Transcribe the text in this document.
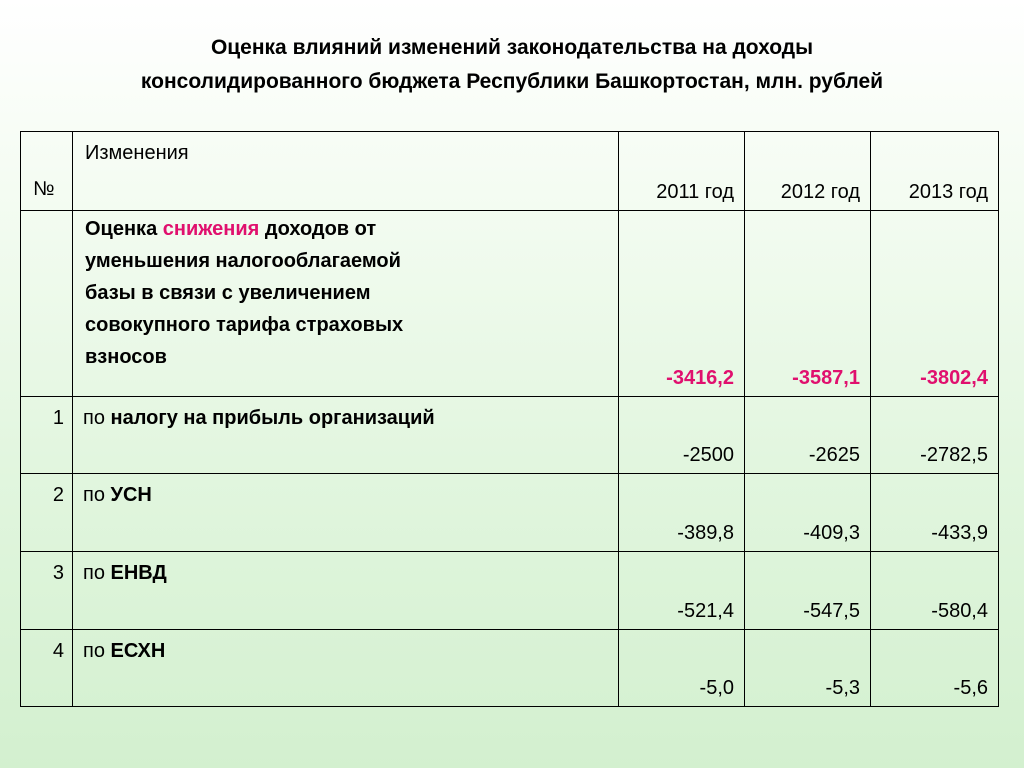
Оценка влияний изменений законодательства на доходы
консолидированного бюджета Республики Башкортостан, млн. рублей
№	Изменения	2011 год	2012 год	2013 год

	Оценка снижения доходов от уменьшения налогооблагаемой базы в связи с увеличением совокупного тарифа страховых взносов	-3416,2	-3587,1	-3802,4

1	по налогу на прибыль организаций	-2500	-2625	-2782,5

2	по УСН	-389,8	-409,3	-433,9

3	по ЕНВД	-521,4	-547,5	-580,4

4	по ЕСХН	-5,0	-5,3	-5,6
